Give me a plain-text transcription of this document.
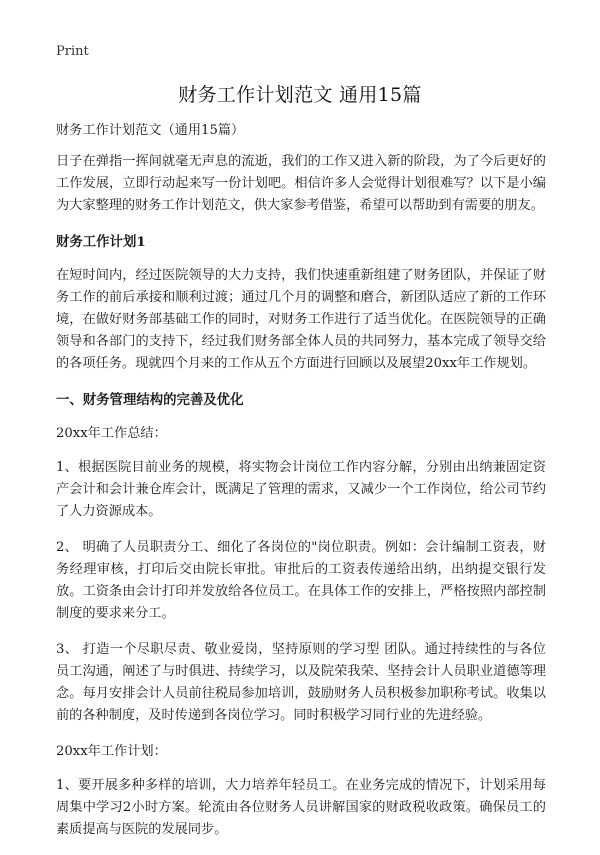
Print
财务工作计划范文 通用15篇

财务工作计划范文（通用15篇）

日子在弹指一挥间就毫无声息的流逝，我们的工作又进入新的阶段，为了今后更好的工作发展，立即行动起来写一份计划吧。相信许多人会觉得计划很难写？以下是小编为大家整理的财务工作计划范文，供大家参考借鉴，希望可以帮助到有需要的朋友。

财务工作计划1

在短时间内，经过医院领导的大力支持，我们快速重新组建了财务团队，并保证了财务工作的前后承接和顺利过渡；通过几个月的调整和磨合，新团队适应了新的工作环境，在做好财务部基础工作的同时，对财务工作进行了适当优化。在医院领导的正确领导和各部门的支持下，经过我们财务部全体人员的共同努力，基本完成了领导交给的各项任务。现就四个月来的工作从五个方面进行回顾以及展望20xx年工作规划。

一、财务管理结构的完善及优化

20xx年工作总结：

1、根据医院目前业务的规模，将实物会计岗位工作内容分解，分别由出纳兼固定资产会计和会计兼仓库会计，既满足了管理的需求，又减少一个工作岗位，给公司节约了人力资源成本。

2、 明确了人员职责分工、细化了各岗位的"岗位职责。例如：会计编制工资表，财务经理审核，打印后交由院长审批。审批后的工资表传递给出纳，出纳提交银行发放。工资条由会计打印并发放给各位员工。在具体工作的安排上，严格按照内部控制制度的要求来分工。

3、 打造一个尽职尽责、敬业爱岗，坚持原则的学习型 团队。通过持续性的与各位员工沟通，阐述了与时俱进、持续学习，以及院荣我荣、坚持会计人员职业道德等理念。每月安排会计人员前往税局参加培训，鼓励财务人员积极参加职称考试。收集以前的各种制度，及时传递到各岗位学习。同时积极学习同行业的先进经验。

20xx年工作计划：

1、要开展多种多样的培训，大力培养年轻员工。在业务完成的情况下，计划采用每周集中学习2小时方案。轮流由各位财务人员讲解国家的财政税收政策。确保员工的素质提高与医院的发展同步。
